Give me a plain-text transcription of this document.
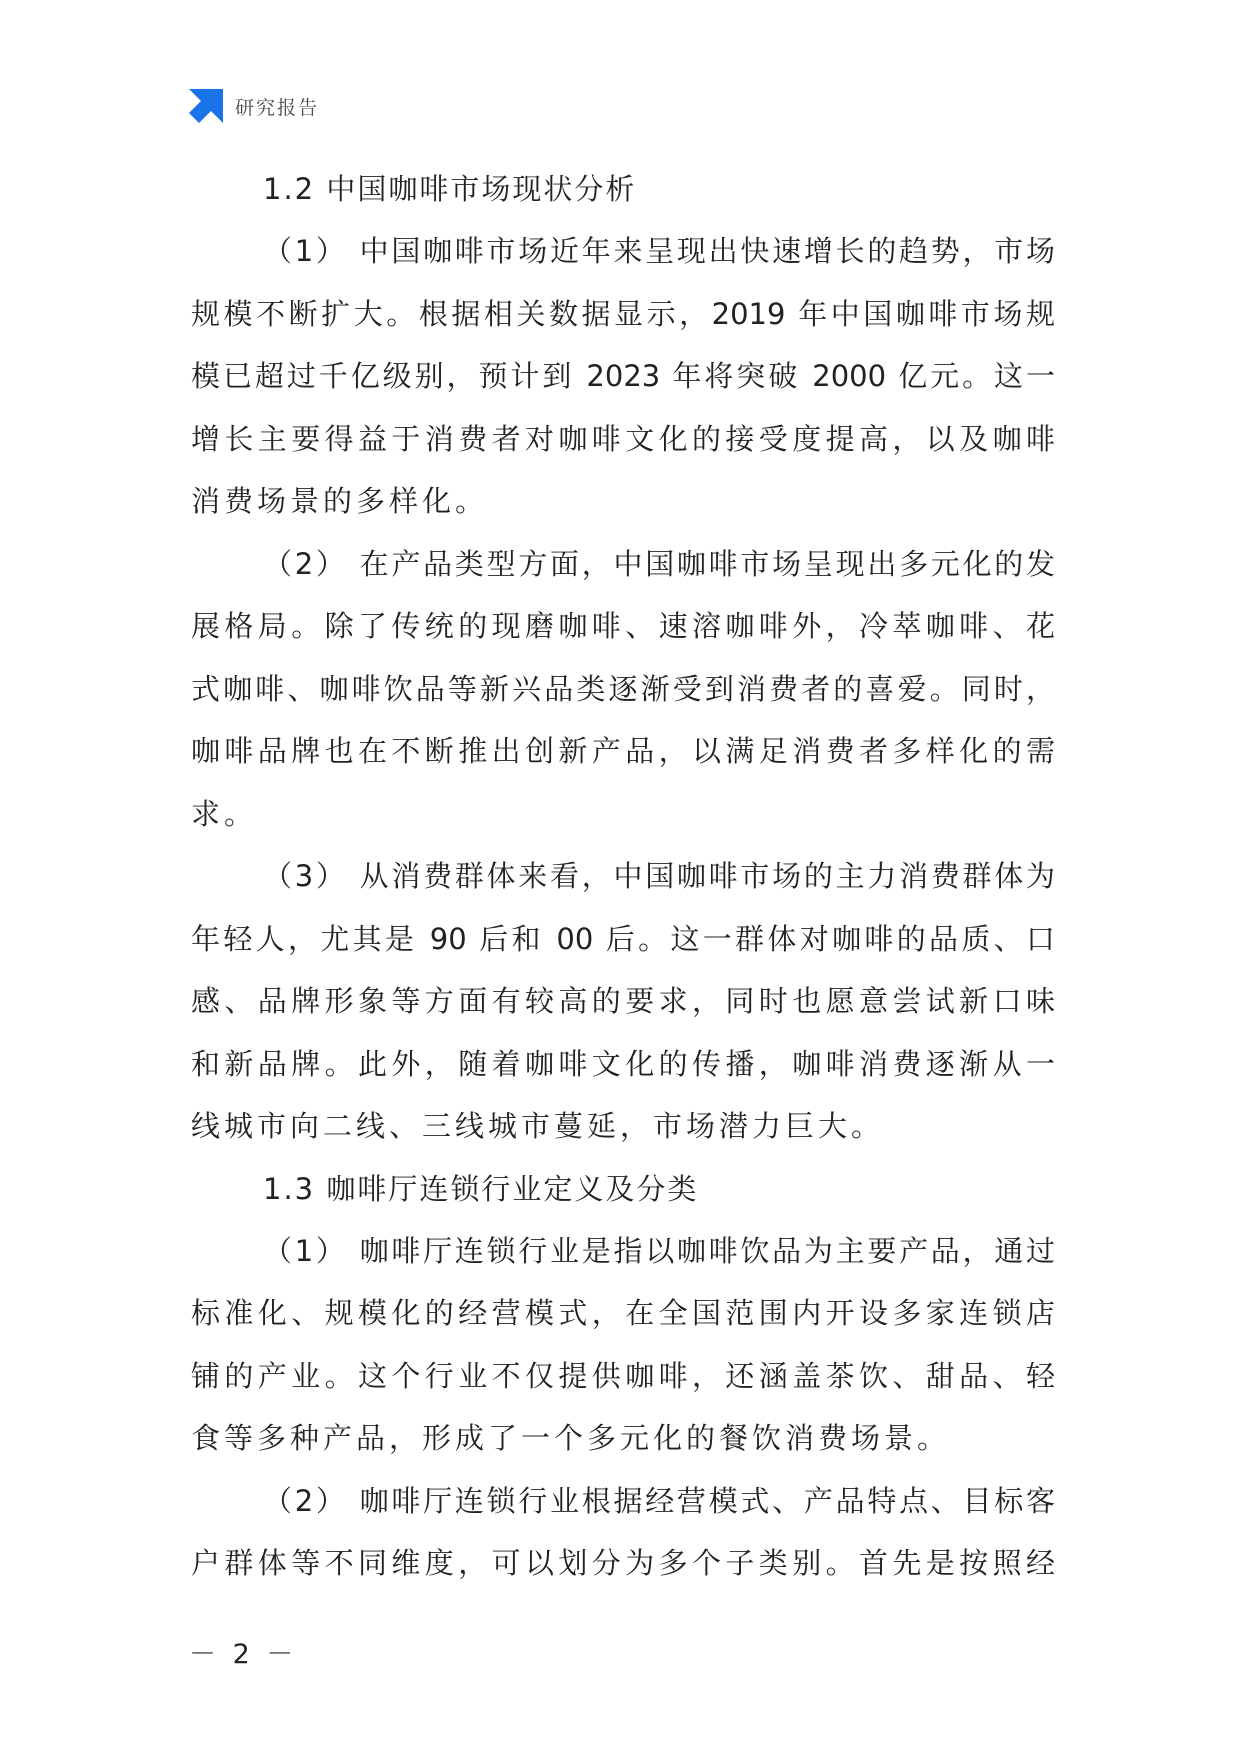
研究报告
1.2 中国咖啡市场现状分析
（1） 中国咖啡市场近年来呈现出快速增长的趋势，市场
规模不断扩大。根据相关数据显示，2019 年中国咖啡市场规
模已超过千亿级别，预计到 2023 年将突破 2000 亿元。这一
增长主要得益于消费者对咖啡文化的接受度提高，以及咖啡
消费场景的多样化。
（2） 在产品类型方面，中国咖啡市场呈现出多元化的发
展格局。除了传统的现磨咖啡、速溶咖啡外，冷萃咖啡、花
式咖啡、咖啡饮品等新兴品类逐渐受到消费者的喜爱。同时，
咖啡品牌也在不断推出创新产品，以满足消费者多样化的需
求。
（3） 从消费群体来看，中国咖啡市场的主力消费群体为
年轻人，尤其是 90 后和 00 后。这一群体对咖啡的品质、口
感、品牌形象等方面有较高的要求，同时也愿意尝试新口味
和新品牌。此外，随着咖啡文化的传播，咖啡消费逐渐从一
线城市向二线、三线城市蔓延，市场潜力巨大。
1.3 咖啡厅连锁行业定义及分类
（1） 咖啡厅连锁行业是指以咖啡饮品为主要产品，通过
标准化、规模化的经营模式，在全国范围内开设多家连锁店
铺的产业。这个行业不仅提供咖啡，还涵盖茶饮、甜品、轻
食等多种产品，形成了一个多元化的餐饮消费场景。
（2） 咖啡厅连锁行业根据经营模式、产品特点、目标客
户群体等不同维度，可以划分为多个子类别。首先是按照经
－ 2 －
